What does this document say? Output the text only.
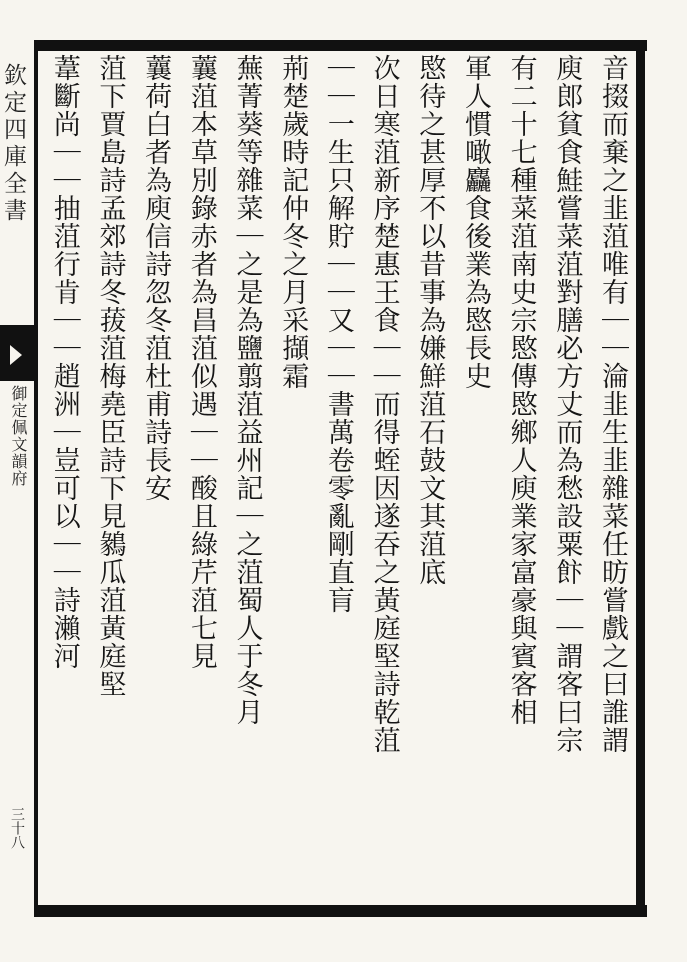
欽定四庫全書
御定佩文韻府
三十八
音掇而棄之韭菹唯有｜｜淪韭生韭雜菜任昉嘗戲之曰誰謂
庾郎貧食鮭嘗菜菹對膳必方丈而為愁設粟飰｜｜謂客曰宗
有二十七種菜菹南史宗愍傳愍鄉人庾業家富豪與賓客相
軍人慣噉麤食後業為愍長史
愍待之甚厚不以昔事為嫌鮮菹石鼓文其菹底
次日寒菹新序楚惠王食｜｜而得蛭因遂吞之黃庭堅詩乾菹
｜｜一生只解貯｜｜又｜｜書萬卷零亂剛直肓
荊楚歲時記仲冬之月采擷霜
蕪菁葵等雜菜｜之是為鹽翦菹益州記｜之菹蜀人于冬月
蘘菹本草別錄赤者為昌菹似遇｜｜酸且綠芹菹七見
蘘荷白者為庾信詩忽冬菹杜甫詩長安
菹下賈島詩孟郊詩冬菝菹梅堯臣詩下見鶨瓜菹黃庭堅
葦斷尚｜｜抽菹行肯｜｜趙洲｜豈可以｜｜詩瀨河
